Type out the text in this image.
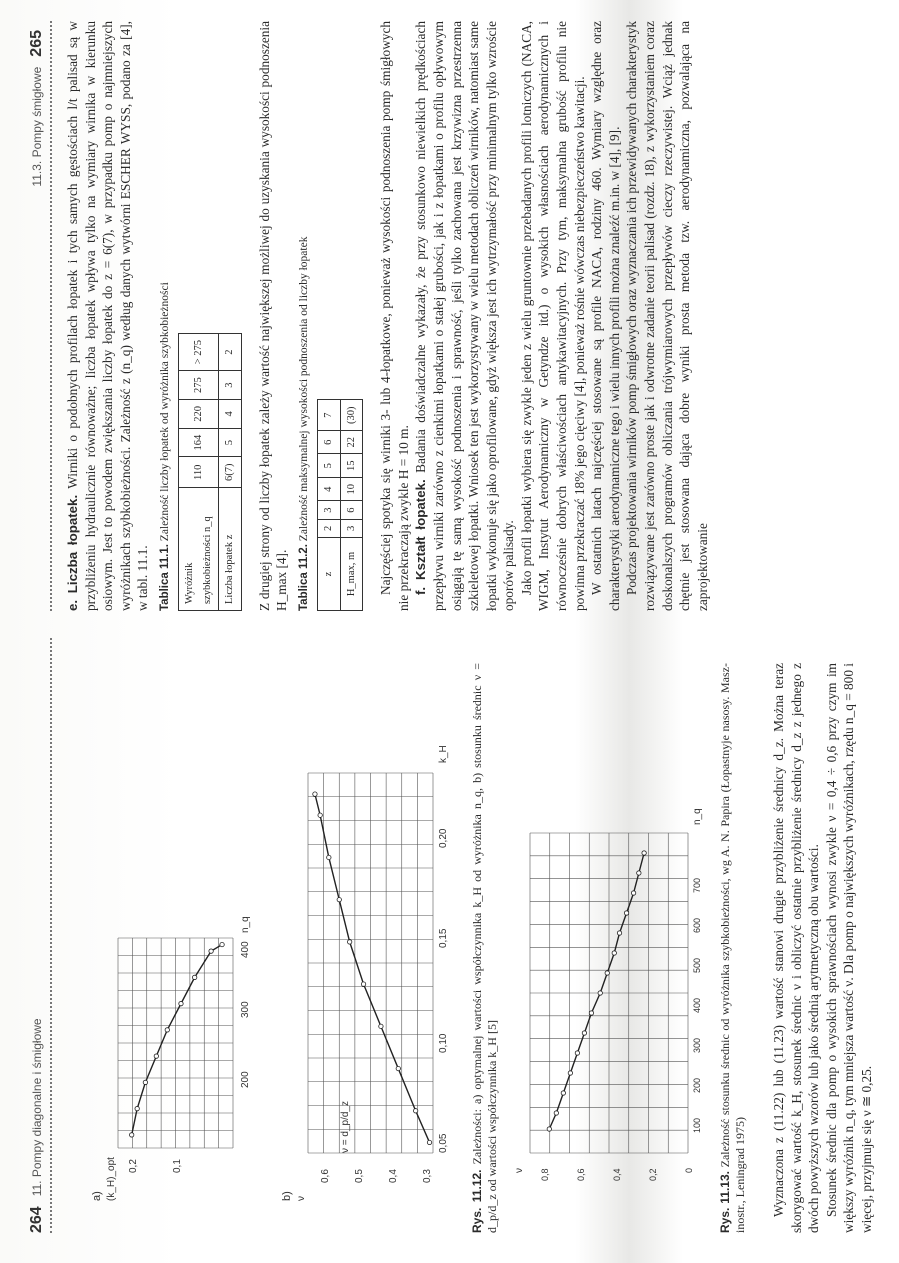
264   11. Pompy diagonalne i śmigłowe	a) (k_H)_opt
n_q
200
300
400
0,1
0,2
b) ν
ν = d_p/d_z
k_H
0,05
0,10
0,15
0,20
0,3
0,4
0,5
0,6	Rys. 11.12. Zależności: a) optymalnej wartości współczynnika k_H od wyróżnika n_q, b) stosunku średnic ν = d_p/d_z od wartości współczynnika k_H [5] ν
n_q
100
200
300
400
500
600
700
0
0,2
0,4
0,6
0,8	Rys. 11.13. Zależność stosunku średnic od wyróżnika szybkobieżności, wg A. N. Papira (Łopastnyje nasosy. Maszinostr., Leningrad 1975) Wyznaczona z (11.22) lub (11.23) wartość stanowi drugie przybliżenie średnicy d_z. Można teraz skorygować wartość k_H, stosunek średnic ν i obliczyć ostatnie przybliżenie średnicy d_z z jednego z dwóch powyższych wzorów lub jako średnią arytmetyczną obu wartości. Stosunek średnic dla pomp o wysokich sprawnościach wynosi zwykle ν = 0,4 ÷ 0,6 przy czym im większy wyróżnik n_q, tym mniejsza wartość ν. Dla pomp o największych wyróżnikach, rzędu n_q = 800 i więcej, przyjmuje się ν ≅ 0,25.

11.3. Pompy śmigłowe   265

e. Liczba łopatek. Wirniki o podobnych profilach łopatek i tych samych gęstościach l/t palisad są w przybliżeniu hydraulicznie równoważne; liczba łopatek wpływa tylko na wymiary wirnika w kierunku osiowym. Jest to powodem zwiększania liczby łopatek do z = 6(7), w przypadku pomp o najmniejszych wyróżnikach szybkobieżności. Zależność z (n_q) według danych wytwórni ESCHER WYSS, podano za [4], w tabl. 11.1. Tablica 11.1. Zależność liczby łopatek od wyróżnika szybkobieżności
Wyróżnik szybkobieżności n_q	110	164	220	275	> 275
Liczba łopatek z	6(7)	5	4	3	2 Z drugiej strony od liczby łopatek zależy wartość największej możliwej do uzyskania wysokości podnoszenia H_max [4]. Tablica 11.2. Zależność maksymalnej wysokości podnoszenia od liczby łopatek
z	2	3	4	5	6	7
H_max, m	3	6	10	15	22	(30) Najczęściej spotyka się wirniki 3- lub 4-łopatkowe, ponieważ wysokości podnoszenia pomp śmigłowych nie przekraczają zwykle H = 10 m. f. Kształt łopatek. Badania doświadczalne wykazały, że przy stosunkowo niewielkich prędkościach przepływu wirniki zarówno z cienkimi łopatkami o stałej grubości, jak i z łopatkami o profilu opływowym osiągają tę samą wysokość podnoszenia i sprawność, jeśli tylko zachowana jest krzywizna przestrzenna szkieletowej łopatki. Wniosek ten jest wykorzystywany w wielu metodach obliczeń wirników, natomiast same łopatki wykonuje się jako oprofilowane, gdyż większa jest ich wytrzymałość przy minimalnym tylko wzroście oporów palisady. Jako profil łopatki wybiera się zwykle jeden z wielu gruntownie przebadanych profili lotniczych (NACA, WIGM, Instytut Aerodynamiczny w Getyndze itd.) o wysokich własnościach aerodynamicznych i równocześnie dobrych właściwościach antykawitacyjnych. Przy tym, maksymalna grubość profilu nie powinna przekraczać 18% jego cięciwy [4], ponieważ rośnie wówczas niebezpieczeństwo kawitacji. W ostatnich latach najczęściej stosowane są profile NACA, rodziny 460. Wymiary względne oraz charakterystyki aerodynamiczne tego i wielu innych profili można znaleźć m.in. w [4], [9]. Podczas projektowania wirników pomp śmigłowych oraz wyznaczania ich przewidywanych charakterystyk rozwiązywane jest zarówno proste jak i odwrotne zadanie teorii palisad (rozdz. 18), z wykorzystaniem coraz doskonalszych programów obliczania trójwymiarowych przepływów cieczy rzeczywistej. Wciąż jednak chętnie jest stosowana dająca dobre wyniki prosta metoda tzw. aerodynamiczna, pozwalająca na zaprojektowanie
